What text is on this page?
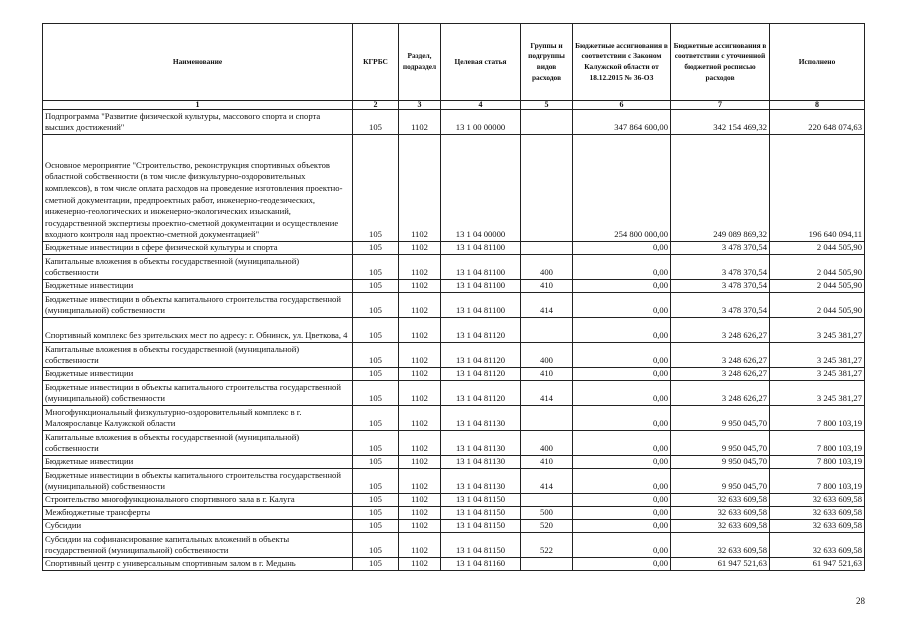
Наименование	КГРБС	Раздел, подраздел	Целевая статья	Группы и подгруппы видов расходов	Бюджетные ассигнования в соответствии с Законом Калужской области от 18.12.2015 № 36-ОЗ	Бюджетные ассигнования в соответствии с уточненной бюджетной росписью расходов	Исполнено
1	2	3	4	5	6	7	8
Подпрограмма "Развитие физической культуры, массового спорта и спорта высших достижений"	105	1102	13 1 00 00000		347 864 600,00	342 154 469,32	220 648 074,63
Основное мероприятие "Строительство, реконструкция спортивных объектов областной собственности (в том числе физкультурно-оздоровительных комплексов), в том числе оплата расходов на проведение изготовления проектно-сметной документации, предпроектных работ, инженерно-геодезических, инженерно-геологических и инженерно-экологических изысканий, государственной экспертизы проектно-сметной документации и осуществление входного контроля над проектно-сметной документацией"	105	1102	13 1 04 00000		254 800 000,00	249 089 869,32	196 640 094,11
Бюджетные инвестиции в сфере физической культуры и спорта	105	1102	13 1 04 81100		0,00	3 478 370,54	2 044 505,90
Капитальные вложения в объекты государственной (муниципальной) собственности	105	1102	13 1 04 81100	400	0,00	3 478 370,54	2 044 505,90
Бюджетные инвестиции	105	1102	13 1 04 81100	410	0,00	3 478 370,54	2 044 505,90
Бюджетные инвестиции в объекты капитального строительства государственной (муниципальной) собственности	105	1102	13 1 04 81100	414	0,00	3 478 370,54	2 044 505,90
Спортивный комплекс без зрительских мест по адресу: г. Обнинск, ул. Цветкова, 4	105	1102	13 1 04 81120		0,00	3 248 626,27	3 245 381,27
Капитальные вложения в объекты государственной (муниципальной) собственности	105	1102	13 1 04 81120	400	0,00	3 248 626,27	3 245 381,27
Бюджетные инвестиции	105	1102	13 1 04 81120	410	0,00	3 248 626,27	3 245 381,27
Бюджетные инвестиции в объекты капитального строительства государственной (муниципальной) собственности	105	1102	13 1 04 81120	414	0,00	3 248 626,27	3 245 381,27
Многофункциональный физкультурно-оздоровительный комплекс в г. Малоярославце Калужской области	105	1102	13 1 04 81130		0,00	9 950 045,70	7 800 103,19
Капитальные вложения в объекты государственной (муниципальной) собственности	105	1102	13 1 04 81130	400	0,00	9 950 045,70	7 800 103,19
Бюджетные инвестиции	105	1102	13 1 04 81130	410	0,00	9 950 045,70	7 800 103,19
Бюджетные инвестиции в объекты капитального строительства государственной (муниципальной) собственности	105	1102	13 1 04 81130	414	0,00	9 950 045,70	7 800 103,19
Строительство многофункционального спортивного зала в г. Калуга	105	1102	13 1 04 81150		0,00	32 633 609,58	32 633 609,58
Межбюджетные трансферты	105	1102	13 1 04 81150	500	0,00	32 633 609,58	32 633 609,58
Субсидии	105	1102	13 1 04 81150	520	0,00	32 633 609,58	32 633 609,58
Субсидии на софинансирование капитальных вложений в объекты государственной (муниципальной) собственности	105	1102	13 1 04 81150	522	0,00	32 633 609,58	32 633 609,58
Спортивный центр с универсальным спортивным залом в г. Медынь	105	1102	13 1 04 81160		0,00	61 947 521,63	61 947 521,63
28
